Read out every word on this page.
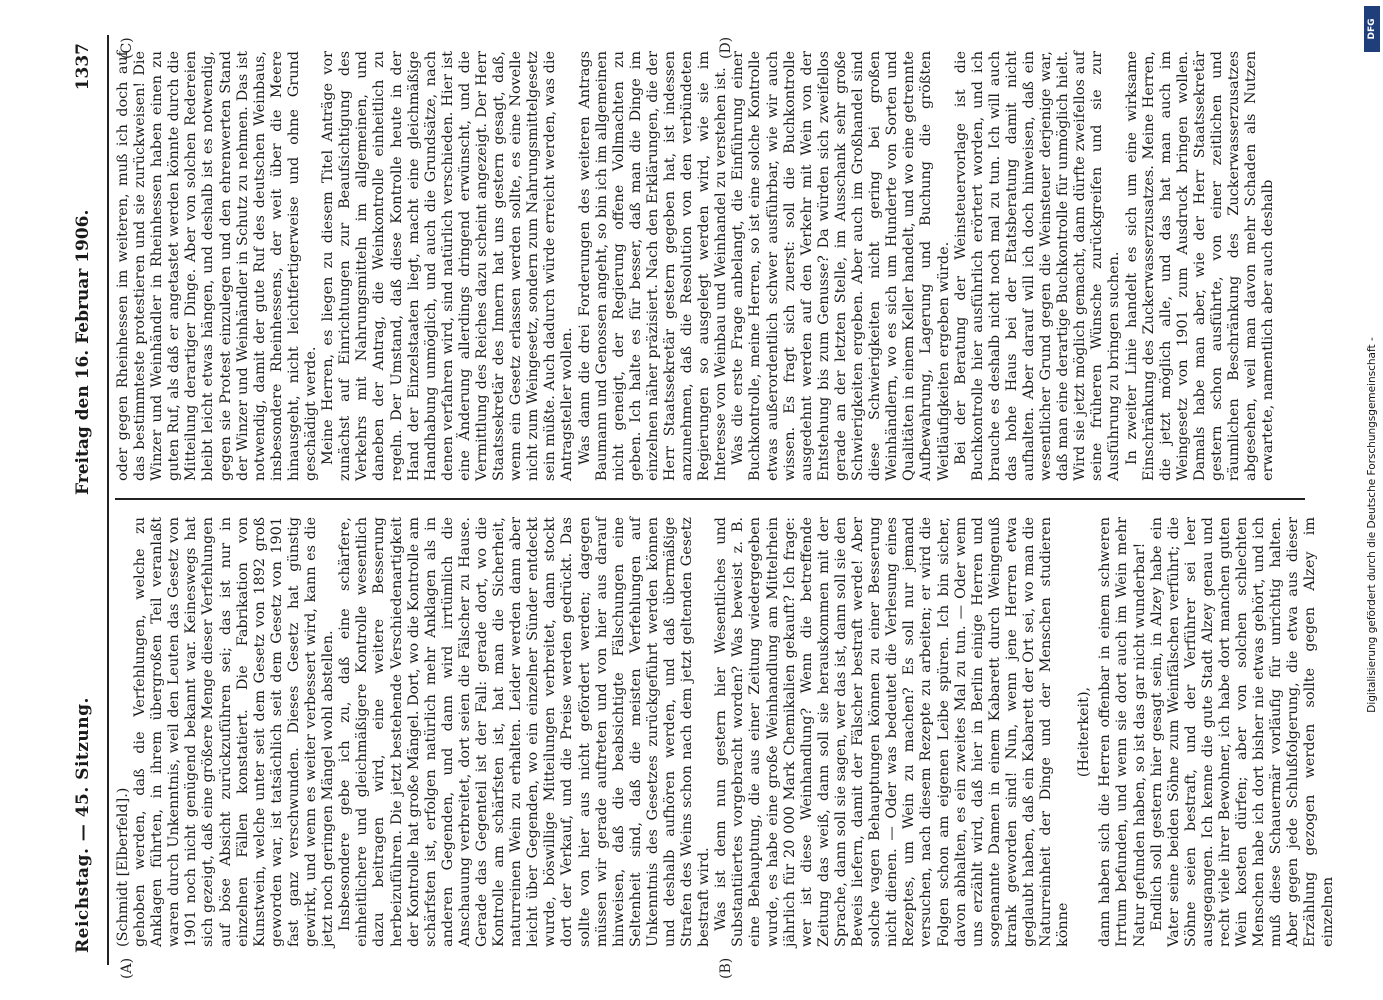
Reichstag. — 45. Sitzung.
Freitag den 16. Februar 1906.
1337
(A)	(B)
(C)	(D)

(Schmidt [Elberfeld].) gehoben werden, daß die Verfehlungen, welche zu Anklagen führten, in ihrem übergroßen Teil veranlaßt waren durch Unkenntnis, weil den Leuten das Gesetz von 1901 noch nicht genügend bekannt war. Keineswegs hat sich gezeigt, daß eine größere Menge dieser Verfehlungen auf böse Absicht zurückzuführen sei; das ist nur in einzelnen Fällen konstatiert. Die Fabrikation von Kunstwein, welche unter seit dem Gesetz von 1892 groß geworden war, ist tatsächlich seit dem Gesetz von 1901 fast ganz verschwunden. Dieses Gesetz hat günstig gewirkt, und wenn es weiter verbessert wird, kann es die jetzt noch geringen Mängel wohl abstellen. Insbesondere gebe ich zu, daß eine schärfere, einheitlichere und gleichmäßigere Kontrolle wesentlich dazu beitragen wird, eine weitere Besserung herbeizuführen. Die jetzt bestehende Verschiedenartigkeit der Kontrolle hat große Mängel. Dort, wo die Kontrolle am schärfsten ist, erfolgen natürlich mehr Anklagen als in anderen Gegenden, und dann wird irrtümlich die Anschauung verbreitet, dort seien die Fälscher zu Hause. Gerade das Gegenteil ist der Fall: gerade dort, wo die Kontrolle am schärfsten ist, hat man die Sicherheit, naturreinen Wein zu erhalten. Leider werden dann aber leicht über Gegenden, wo ein einzelner Sünder entdeckt wurde, böswillige Mitteilungen verbreitet, dann stockt dort der Verkauf, und die Preise werden gedrückt. Das sollte von hier aus nicht gefördert werden; dagegen müssen wir gerade auftreten und von hier aus darauf hinweisen, daß die beabsichtigte Fälschungen eine Seltenheit sind, daß die meisten Verfehlungen auf Unkenntnis des Gesetzes zurückgeführt werden können und deshalb aufhören werden, und daß übermäßige Strafen des Weins schon nach dem jetzt geltenden Gesetz bestraft wird. Was ist denn nun gestern hier Wesentliches und Substantiiertes vorgebracht worden? Was beweist z. B. eine Behauptung, die aus einer Zeitung wiedergegeben wurde, es habe eine große Weinhandlung am Mittelrhein jährlich für 20 000 Mark Chemikalien gekauft? Ich frage: wer ist diese Weinhandlung? Wenn die betreffende Zeitung das weiß, dann soll sie herauskommen mit der Sprache, dann soll sie sagen, wer das ist, dann soll sie den Beweis liefern, damit der Fälscher bestraft werde! Aber solche vagen Behauptungen können zu einer Besserung nicht dienen. — Oder was bedeutet die Verlesung eines Rezeptes, um Wein zu machen? Es soll nur jemand versuchen, nach diesem Rezepte zu arbeiten; er wird die Folgen schon am eigenen Leibe spüren. Ich bin sicher, davon abhalten, es ein zweites Mal zu tun. — Oder wenn uns erzählt wird, daß hier in Berlin einige Herren und sogenannte Damen in einem Kabarett durch Weingenuß krank geworden sind! Nun, wenn jene Herren etwa geglaubt haben, daß ein Kabarett der Ort sei, wo man die Naturreinheit der Dinge und der Menschen studieren könne

(Heiterkeit), dann haben sich die Herren offenbar in einem schweren Irrtum befunden, und wenn sie dort auch im Wein mehr Natur gefunden haben, so ist das gar nicht wunderbar! Endlich soll gestern hier gesagt sein, in Alzey habe ein Vater seine beiden Söhne zum Weinfälschen verführt; die Söhne seien bestraft, und der Verführer sei leer ausgegangen. Ich kenne die gute Stadt Alzey genau und recht viele ihrer Bewohner, ich habe dort manchen guten Wein kosten dürfen; aber von solchen schlechten Menschen habe ich dort bisher nie etwas gehört, und ich muß diese Schauermär vorläufig für unrichtig halten. Aber gegen jede Schlußfolgerung, die etwa aus dieser Erzählung gezogen werden sollte gegen Alzey im einzelnen

oder gegen Rheinhessen im weiteren, muß ich doch auf das bestimmteste protestieren und sie zurückweisen! Die Winzer und Weinhändler in Rheinhessen haben einen zu guten Ruf, als daß er angetastet werden könnte durch die Mitteilung derartiger Dinge. Aber von solchen Redereien bleibt leicht etwas hängen, und deshalb ist es notwendig, gegen sie Protest einzulegen und den ehrenwerten Stand der Winzer und Weinhändler in Schutz zu nehmen. Das ist notwendig, damit der gute Ruf des deutschen Weinbaus, insbesondere Rheinhessens, der weit über die Meere hinausgeht, nicht leichtfertigerweise und ohne Grund geschädigt werde. Meine Herren, es liegen zu diesem Titel Anträge vor zunächst auf Einrichtungen zur Beaufsichtigung des Verkehrs mit Nahrungsmitteln im allgemeinen, und daneben der Antrag, die Weinkontrolle einheitlich zu regeln. Der Umstand, daß diese Kontrolle heute in der Hand der Einzelstaaten liegt, macht eine gleichmäßige Handhabung unmöglich, und auch die Grundsätze, nach denen verfahren wird, sind natürlich verschieden. Hier ist eine Änderung allerdings dringend erwünscht, und die Vermittlung des Reiches dazu scheint angezeigt. Der Herr Staatssekretär des Innern hat uns gestern gesagt, daß, wenn ein Gesetz erlassen werden sollte, es eine Novelle nicht zum Weingesetz, sondern zum Nahrungsmittelgesetz sein müßte. Auch dadurch würde erreicht werden, was die Antragsteller wollen. Was dann die drei Forderungen des weiteren Antrags Baumann und Genossen angeht, so bin ich im allgemeinen nicht geneigt, der Regierung offene Vollmachten zu geben. Ich halte es für besser, daß man die Dinge im einzelnen näher präzisiert. Nach den Erklärungen, die der Herr Staatssekretär gestern gegeben hat, ist indessen anzunehmen, daß die Resolution von den verbündeten Regierungen so ausgelegt werden wird, wie sie im Interesse von Weinbau und Weinhandel zu verstehen ist. Was die erste Frage anbelangt, die Einführung einer Buchkontrolle, meine Herren, so ist eine solche Kontrolle etwas außerordentlich schwer ausführbar, wie wir auch wissen. Es fragt sich zuerst: soll die Buchkontrolle ausgedehnt werden auf den Verkehr mit Wein von der Entstehung bis zum Genusse? Da würden sich zweifellos gerade an der letzten Stelle, im Ausschank sehr große Schwierigkeiten ergeben. Aber auch im Großhandel sind diese Schwierigkeiten nicht gering bei großen Weinhändlern, wo es sich um Hunderte von Sorten und Qualitäten in einem Keller handelt, und wo eine getrennte Aufbewahrung, Lagerung und Buchung die größten Weitläufigkeiten ergeben würde. Bei der Beratung der Weinsteuervorlage ist die Buchkontrolle hier ausführlich erörtert worden, und ich brauche es deshalb nicht noch mal zu tun. Ich will auch das hohe Haus bei der Etatsberatung damit nicht aufhalten. Aber darauf will ich doch hinweisen, daß ein wesentlicher Grund gegen die Weinsteuer derjenige war, daß man eine derartige Buchkontrolle für unmöglich hielt. Wird sie jetzt möglich gemacht, dann dürfte zweifellos auf seine früheren Wünsche zurückgreifen und sie zur Ausführung zu bringen suchen. In zweiter Linie handelt es sich um eine wirksame Einschränkung des Zuckerwasserzusatzes. Meine Herren, die jetzt möglich alle, und das hat man auch im Weingesetz von 1901 zum Ausdruck bringen wollen. Damals habe man aber, wie der Herr Staatssekretär gestern schon ausführte, von einer zeitlichen und räumlichen Beschränkung des Zuckerwasserzusatzes abgesehen, weil man davon mehr Schaden als Nutzen erwartete, namentlich aber auch deshalb

DFG
Digitalisierung gefördert durch die Deutsche Forschungsgemeinschaft -
